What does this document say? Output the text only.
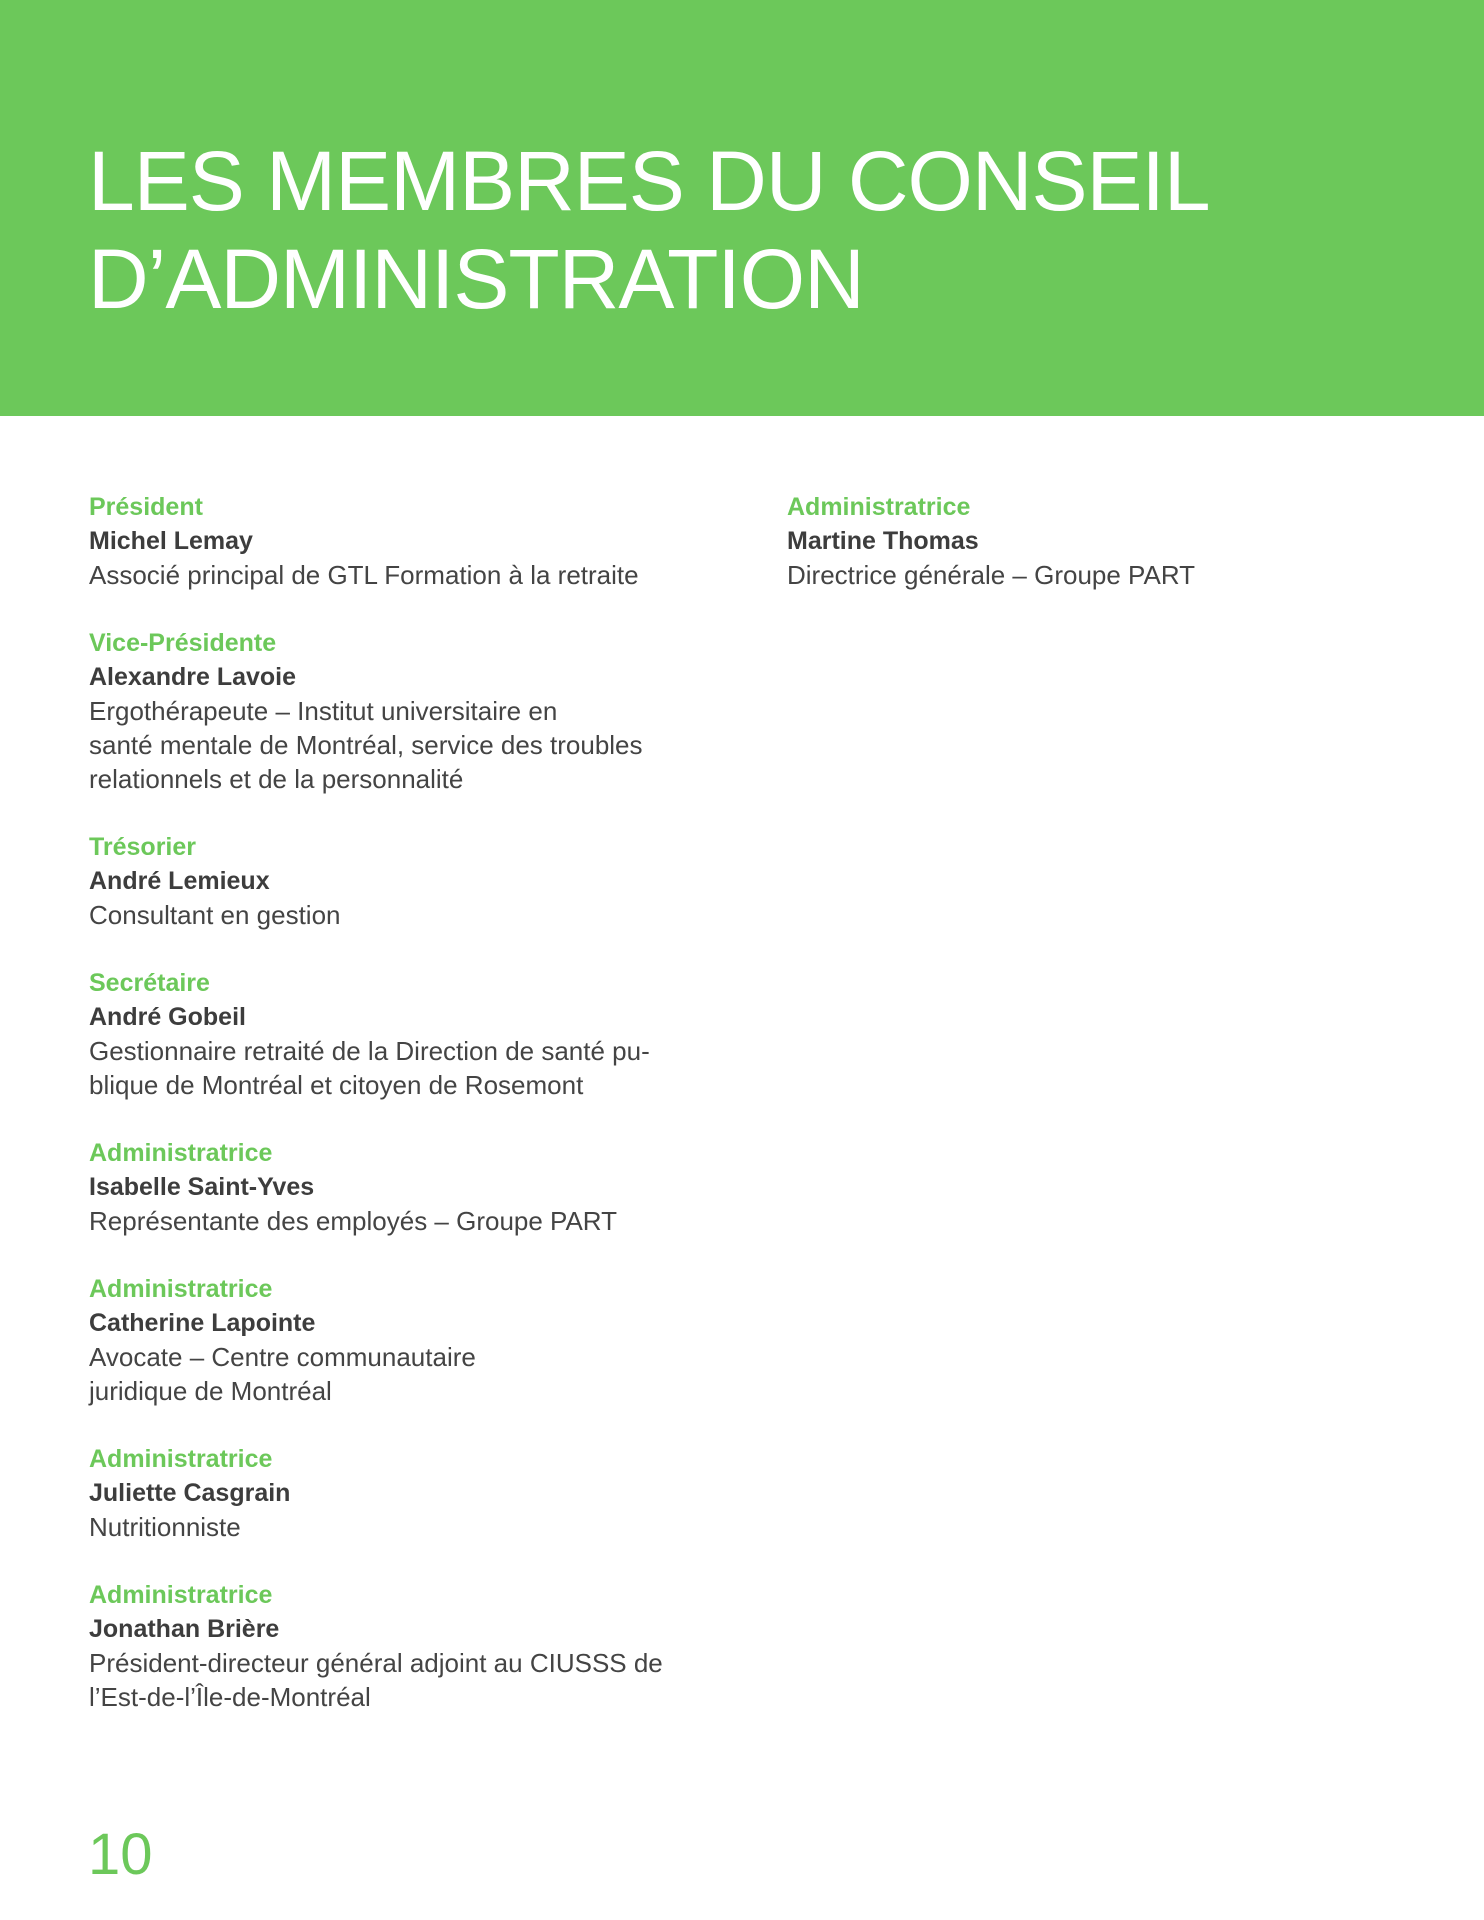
LES MEMBRES DU CONSEIL
D’ADMINISTRATION
Président
Michel Lemay
Associé principal de GTL Formation à la retraite
Vice-Présidente
Alexandre Lavoie
Ergothérapeute – Institut universitaire en
santé mentale de Montréal, service des troubles
relationnels et de la personnalité
Trésorier
André Lemieux
Consultant en gestion
Secrétaire
André Gobeil
Gestionnaire retraité de la Direction de santé pu-
blique de Montréal et citoyen de Rosemont
Administratrice
Isabelle Saint-Yves
Représentante des employés – Groupe PART
Administratrice
Catherine Lapointe
Avocate – Centre communautaire
juridique de Montréal
Administratrice
Juliette Casgrain
Nutritionniste
Administratrice
Jonathan Brière
Président-directeur général adjoint au CIUSSS de
l’Est-de-l’Île-de-Montréal
Administratrice
Martine Thomas
Directrice générale – Groupe PART
10
